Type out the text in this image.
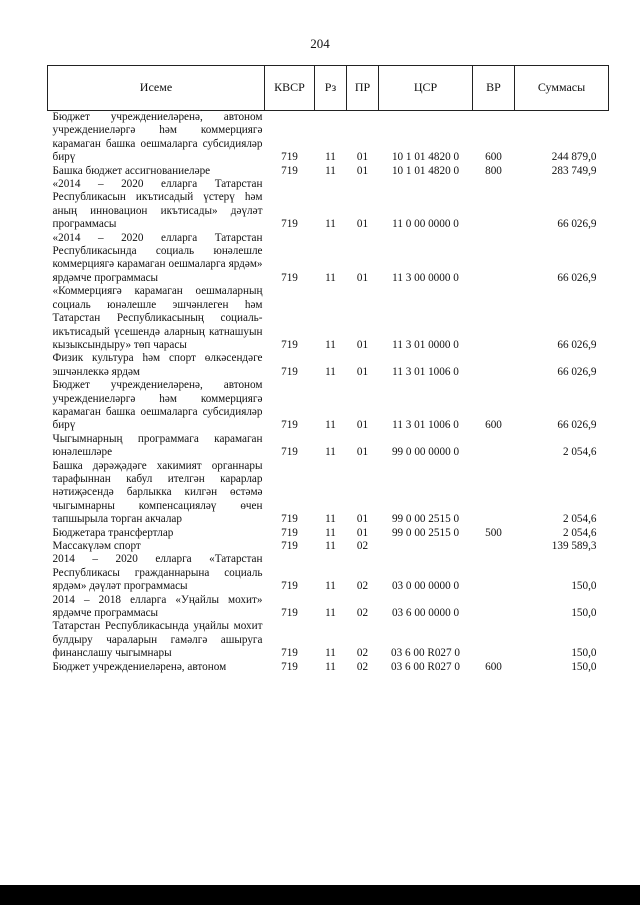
204
Исеме	КВСР	Рз	ПР	ЦСР	ВР	Суммасы
Бюджет учреждениеләренә, автоном учреждениеләргә һәм коммерциягә карамаган башка оешмаларга субсидияләр бирү	719	11	01	10 1 01 4820 0	600	244 879,0
Башка бюджет ассигнованиеләре	719	11	01	10 1 01 4820 0	800	283 749,9
«2014 – 2020 елларга Татарстан Республикасын икътисадый үстерү һәм аның инновацион икътисады» дәүләт программасы	719	11	01	11 0 00 0000 0		66 026,9
«2014 – 2020 елларга Татарстан Республикасында социаль юнәлешле коммерциягә карамаган оешмаларга ярдәм» ярдәмче программасы	719	11	01	11 3 00 0000 0		66 026,9
«Коммерциягә карамаган оешмаларның социаль юнәлешле эшчәнлеген һәм Татарстан Республикасының социаль-икътисадый үсешендә аларның катнашуын кызыксындыру» төп чарасы	719	11	01	11 3 01 0000 0		66 026,9
Физик культура һәм спорт өлкәсендәге эшчәнлеккә ярдәм	719	11	01	11 3 01 1006 0		66 026,9
Бюджет учреждениеләренә, автоном учреждениеләргә һәм коммерциягә карамаган башка оешмаларга субсидияләр бирү	719	11	01	11 3 01 1006 0	600	66 026,9
Чыгымнарның программага карамаган юнәлешләре	719	11	01	99 0 00 0000 0		2 054,6
Башка дәрәҗәдәге хакимият органнары тарафыннан кабул ителгән карарлар нәтиҗәсендә барлыкка килгән өстәмә чыгымнарны компенсацияләү өчен тапшырыла торган акчалар	719	11	01	99 0 00 2515 0		2 054,6
Бюджетара трансфертлар	719	11	01	99 0 00 2515 0	500	2 054,6
Массакүләм спорт	719	11	02			139 589,3
2014 – 2020 елларга «Татарстан Республикасы гражданнарына социаль ярдәм» дәүләт программасы	719	11	02	03 0 00 0000 0		150,0
2014 – 2018 елларга «Уңайлы мохит» ярдәмче программасы	719	11	02	03 6 00 0000 0		150,0
Татарстан Республикасында уңайлы мохит булдыру чараларын гамәлгә ашыруга финанслашу чыгымнары	719	11	02	03 6 00 R027 0		150,0
Бюджет учреждениеләренә, автоном	719	11	02	03 6 00 R027 0	600	150,0
